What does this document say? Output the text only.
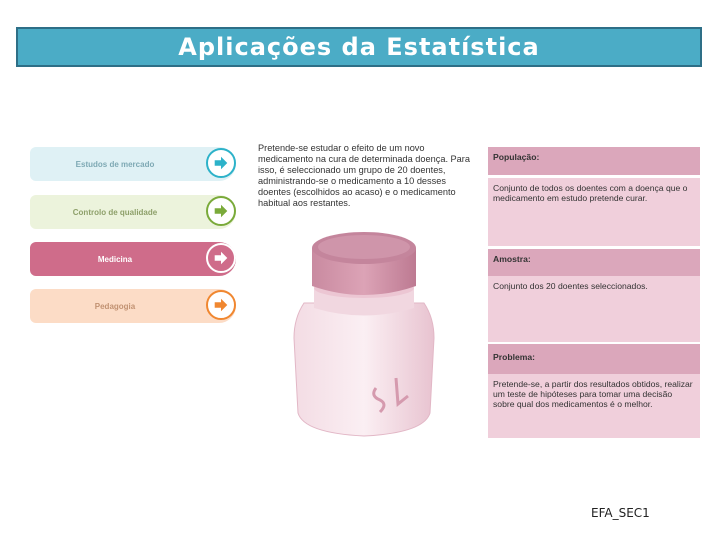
Aplicações da Estatística
Estudos de mercado
Controlo de qualidade
Medicina
Pedagogia
Pretende-se estudar o efeito de um novo medicamento na cura de determinada doença. Para isso, é seleccionado um grupo de 20 doentes, administrando-se o medicamento a 10 desses doentes (escolhidos ao acaso) e o medicamento habitual aos restantes.
População:
Conjunto de todos os doentes com a doença que o medicamento em estudo pretende curar.
Amostra:
Conjunto dos 20 doentes seleccionados.
Problema:
Pretende-se, a partir dos resultados obtidos, realizar um teste de hipóteses para tomar uma decisão sobre qual dos medicamentos é o melhor.
EFA_SEC1
